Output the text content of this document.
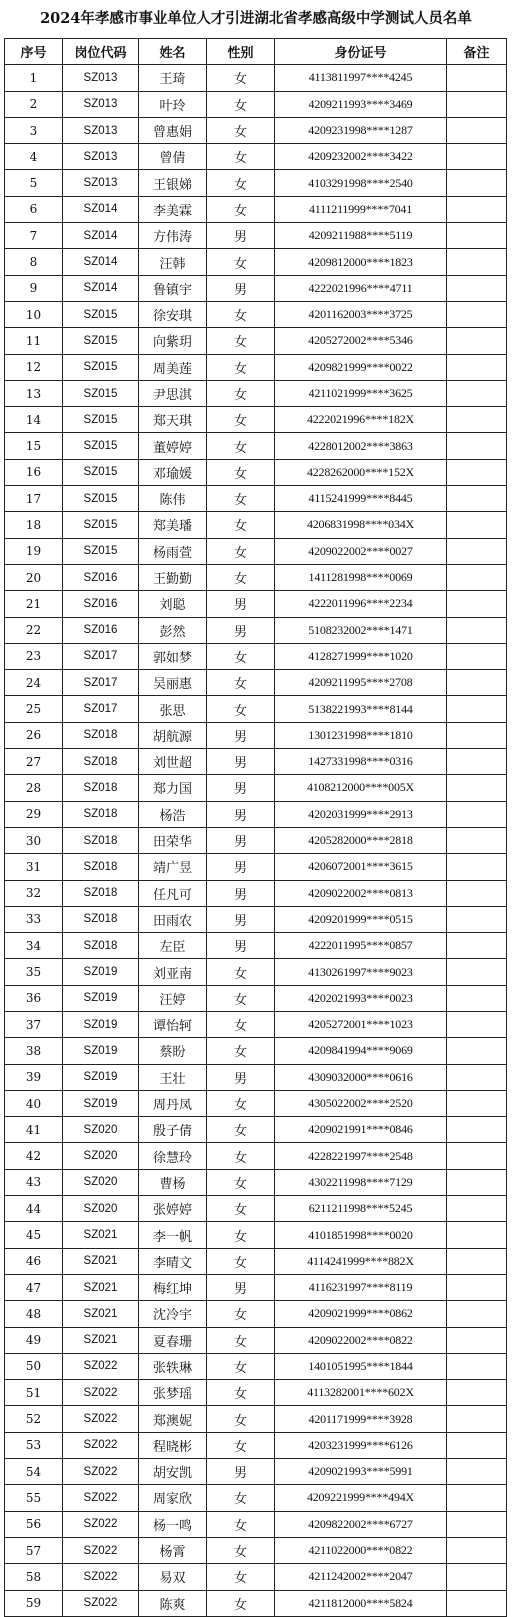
2024年孝感市事业单位人才引进湖北省孝感高级中学测试人员名单
序号	岗位代码	姓名	性别	身份证号	备注
1	SZ013	王琦	女	4113811997****4245	
2	SZ013	叶玲	女	4209211993****3469	
3	SZ013	曾惠娟	女	4209231998****1287	
4	SZ013	曾倩	女	4209232002****3422	
5	SZ013	王银娣	女	4103291998****2540	
6	SZ014	李美霖	女	4111211999****7041	
7	SZ014	方伟涛	男	4209211988****5119	
8	SZ014	汪韩	女	4209812000****1823	
9	SZ014	鲁镇宇	男	4222021996****4711	
10	SZ015	徐安琪	女	4201162003****3725	
11	SZ015	向紫玥	女	4205272002****5346	
12	SZ015	周美莲	女	4209821999****0022	
13	SZ015	尹思淇	女	4211021999****3625	
14	SZ015	郑天琪	女	4222021996****182X	
15	SZ015	董婷婷	女	4228012002****3863	
16	SZ015	邓瑜媛	女	4228262000****152X	
17	SZ015	陈伟	女	4115241999****8445	
18	SZ015	郑美璠	女	4206831998****034X	
19	SZ015	杨雨萱	女	4209022002****0027	
20	SZ016	王勤勤	女	1411281998****0069	
21	SZ016	刘聪	男	4222011996****2234	
22	SZ016	彭然	男	5108232002****1471	
23	SZ017	郭如梦	女	4128271999****1020	
24	SZ017	吴丽惠	女	4209211995****2708	
25	SZ017	张思	女	5138221993****8144	
26	SZ018	胡航源	男	1301231998****1810	
27	SZ018	刘世超	男	1427331998****0316	
28	SZ018	郑力国	男	4108212000****005X	
29	SZ018	杨浩	男	4202031999****2913	
30	SZ018	田荣华	男	4205282000****2818	
31	SZ018	靖广昱	男	4206072001****3615	
32	SZ018	任凡可	男	4209022002****0813	
33	SZ018	田雨农	男	4209201999****0515	
34	SZ018	左臣	男	4222011995****0857	
35	SZ019	刘亚南	女	4130261997****9023	
36	SZ019	汪婷	女	4202021993****0023	
37	SZ019	谭怡轲	女	4205272001****1023	
38	SZ019	蔡盼	女	4209841994****9069	
39	SZ019	王壮	男	4309032000****0616	
40	SZ019	周丹凤	女	4305022002****2520	
41	SZ020	殷子倩	女	4209021991****0846	
42	SZ020	徐慧玲	女	4228221997****2548	
43	SZ020	曹杨	女	4302211998****7129	
44	SZ020	张婷婷	女	6211211998****5245	
45	SZ021	李一帆	女	4101851998****0020	
46	SZ021	李晴文	女	4114241999****882X	
47	SZ021	梅红坤	男	4116231997****8119	
48	SZ021	沈冷宇	女	4209021999****0862	
49	SZ021	夏春珊	女	4209022002****0822	
50	SZ022	张轶琳	女	1401051995****1844	
51	SZ022	张梦瑶	女	4113282001****602X	
52	SZ022	郑澳妮	女	4201171999****3928	
53	SZ022	程晓彬	女	4203231999****6126	
54	SZ022	胡安凯	男	4209021993****5991	
55	SZ022	周家欣	女	4209221999****494X	
56	SZ022	杨一鸣	女	4209822002****6727	
57	SZ022	杨霄	女	4211022000****0822	
58	SZ022	易双	女	4211242002****2047	
59	SZ022	陈爽	女	4211812000****5824	
